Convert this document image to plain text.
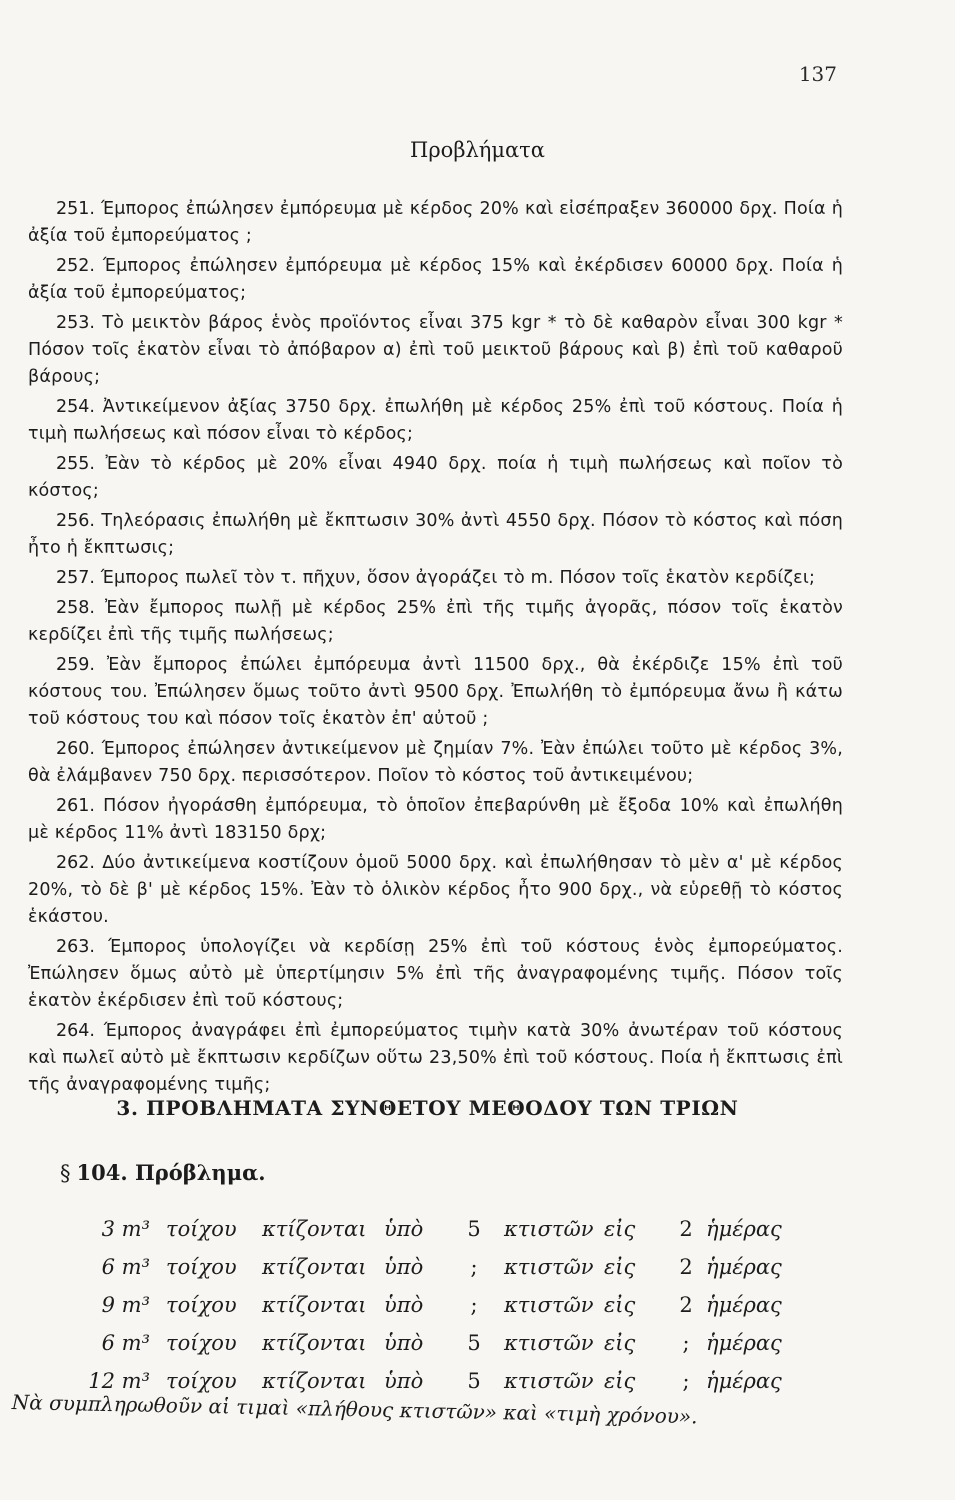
137
Προβλήματα

251. Έμπορος ἐπώλησεν ἐμπόρευμα μὲ κέρδος 20% καὶ εἰσέπραξεν 360000 δρχ. Ποία ἡ ἀξία τοῦ ἐμπορεύματος ;

252. Έμπορος ἐπώλησεν ἐμπόρευμα μὲ κέρδος 15% καὶ ἐκέρδισεν 60000 δρχ. Ποία ἡ ἀξία τοῦ ἐμπορεύματος;

253. Τὸ μεικτὸν βάρος ἑνὸς προϊόντος εἶναι 375 kgr * τὸ δὲ καθαρὸν εἶναι 300 kgr * Πόσον τοῖς ἑκατὸν εἶναι τὸ ἀπόβαρον α) ἐπὶ τοῦ μεικτοῦ βάρους καὶ β) ἐπὶ τοῦ καθαροῦ βάρους;

254. Ἀντικείμενον ἀξίας 3750 δρχ. ἐπωλήθη μὲ κέρδος 25% ἐπὶ τοῦ κόστους. Ποία ἡ τιμὴ πωλήσεως καὶ πόσον εἶναι τὸ κέρδος;

255. Ἐὰν τὸ κέρδος μὲ 20% εἶναι 4940 δρχ. ποία ἡ τιμὴ πωλήσεως καὶ ποῖον τὸ κόστος;

256. Τηλεόρασις ἐπωλήθη μὲ ἔκπτωσιν 30% ἀντὶ 4550 δρχ. Πόσον τὸ κόστος καὶ πόση ἦτο ἡ ἔκπτωσις;

257. Έμπορος πωλεῖ τὸν τ. πῆχυν, ὅσον ἀγοράζει τὸ m. Πόσον τοῖς ἑκατὸν κερδίζει;

258. Ἐὰν ἔμπορος πωλῇ μὲ κέρδος 25% ἐπὶ τῆς τιμῆς ἀγορᾶς, πόσον τοῖς ἑκατὸν κερδίζει ἐπὶ τῆς τιμῆς πωλήσεως;

259. Ἐὰν ἔμπορος ἐπώλει ἐμπόρευμα ἀντὶ 11500 δρχ., θὰ ἐκέρδιζε 15% ἐπὶ τοῦ κόστους του. Ἐπώλησεν ὅμως τοῦτο ἀντὶ 9500 δρχ. Ἐπωλήθη τὸ ἐμπόρευμα ἄνω ἢ κάτω τοῦ κόστους του καὶ πόσον τοῖς ἑκατὸν ἐπ' αὐτοῦ ;

260. Έμπορος ἐπώλησεν ἀντικείμενον μὲ ζημίαν 7%. Ἐὰν ἐπώλει τοῦτο μὲ κέρδος 3%, θὰ ἐλάμβανεν 750 δρχ. περισσότερον. Ποῖον τὸ κόστος τοῦ ἀντικειμένου;

261. Πόσον ἠγοράσθη ἐμπόρευμα, τὸ ὁποῖον ἐπεβαρύνθη μὲ ἔξοδα 10% καὶ ἐπωλήθη μὲ κέρδος 11% ἀντὶ 183150 δρχ;

262. Δύο ἀντικείμενα κοστίζουν ὁμοῦ 5000 δρχ. καὶ ἐπωλήθησαν τὸ μὲν α' μὲ κέρδος 20%, τὸ δὲ β' μὲ κέρδος 15%. Ἐὰν τὸ ὁλικὸν κέρδος ἦτο 900 δρχ., νὰ εὑρεθῇ τὸ κόστος ἑκάστου.

263. Έμπορος ὑπολογίζει νὰ κερδίσῃ 25% ἐπὶ τοῦ κόστους ἑνὸς ἐμπορεύματος. Ἐπώλησεν ὅμως αὐτὸ μὲ ὑπερτίμησιν 5% ἐπὶ τῆς ἀναγραφομένης τιμῆς. Πόσον τοῖς ἑκατὸν ἐκέρδισεν ἐπὶ τοῦ κόστους;

264. Έμπορος ἀναγράφει ἐπὶ ἐμπορεύματος τιμὴν κατὰ 30% ἀνωτέραν τοῦ κόστους καὶ πωλεῖ αὐτὸ μὲ ἔκπτωσιν κερδίζων οὕτω 23,50% ἐπὶ τοῦ κόστους. Ποία ἡ ἔκπτωσις ἐπὶ τῆς ἀναγραφομένης τιμῆς;

3. ΠΡΟΒΛΗΜΑΤΑ ΣΥΝΘΕΤΟΥ ΜΕΘΟΔΟΥ ΤΩΝ ΤΡΙΩΝ
§ 104. Πρόβλημα.
3 m³	τοίχου	κτίζονται	ὑπὸ	5	κτιστῶν	εἰς	2	ἡμέρας
6 m³	τοίχου	κτίζονται	ὑπὸ	;	κτιστῶν	εἰς	2	ἡμέρας
9 m³	τοίχου	κτίζονται	ὑπὸ	;	κτιστῶν	εἰς	2	ἡμέρας
6 m³	τοίχου	κτίζονται	ὑπὸ	5	κτιστῶν	εἰς	;	ἡμέρας
12 m³	τοίχου	κτίζονται	ὑπὸ	5	κτιστῶν	εἰς	;	ἡμέρας
Νὰ συμπληρωθοῦν αἱ τιμαὶ «πλήθους κτιστῶν» καὶ «τιμὴ χρόνου».
